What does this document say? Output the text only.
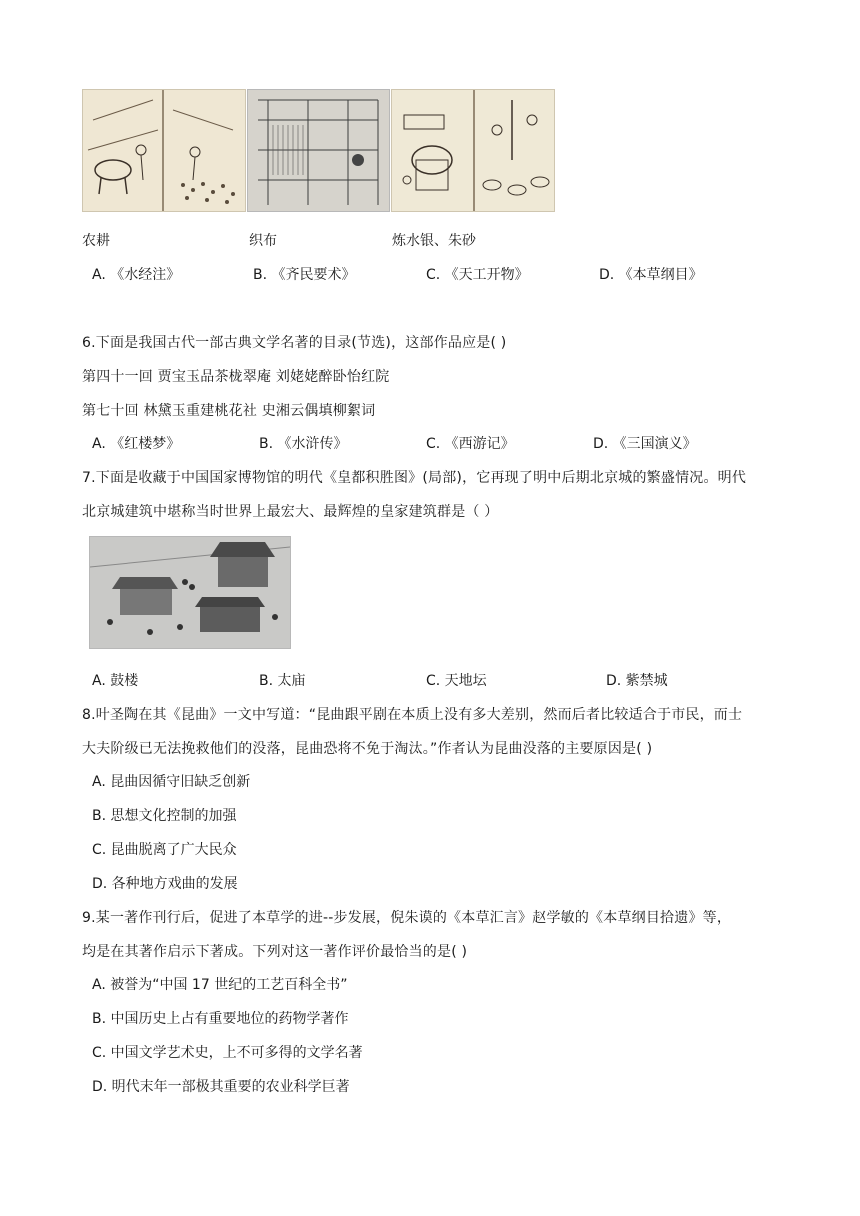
农耕	织布	炼水银、朱砂
A. 《水经注》	B. 《齐民要术》	C. 《天工开物》	D. 《本草纲目》
6.下面是我国古代一部古典文学名著的目录(节选)，这部作品应是( )
第四十一回 贾宝玉品茶栊翠庵 刘姥姥醉卧怡红院
第七十回 林黛玉重建桃花社 史湘云偶填柳絮词
A. 《红楼梦》	B. 《水浒传》	C. 《西游记》	D. 《三国演义》
7.下面是收藏于中国国家博物馆的明代《皇都积胜图》(局部)，它再现了明中后期北京城的繁盛情况。明代
北京城建筑中堪称当时世界上最宏大、最辉煌的皇家建筑群是（ ）
A. 鼓楼	B. 太庙	C. 天地坛	D. 紫禁城
8.叶圣陶在其《昆曲》一文中写道：“昆曲跟平剧在本质上没有多大差别，然而后者比较适合于市民，而士
大夫阶级已无法挽救他们的没落，昆曲恐将不免于淘汰。”作者认为昆曲没落的主要原因是( )
A. 昆曲因循守旧缺乏创新
B. 思想文化控制的加强
C. 昆曲脱离了广大民众
D. 各种地方戏曲的发展
9.某一著作刊行后，促进了本草学的进--步发展，倪朱谟的《本草汇言》赵学敏的《本草纲目拾遗》等，
均是在其著作启示下著成。下列对这一著作评价最恰当的是( )
A. 被誉为“中国 17 世纪的工艺百科全书”
B. 中国历史上占有重要地位的药物学著作
C. 中国文学艺术史，上不可多得的文学名著
D. 明代末年一部极其重要的农业科学巨著
